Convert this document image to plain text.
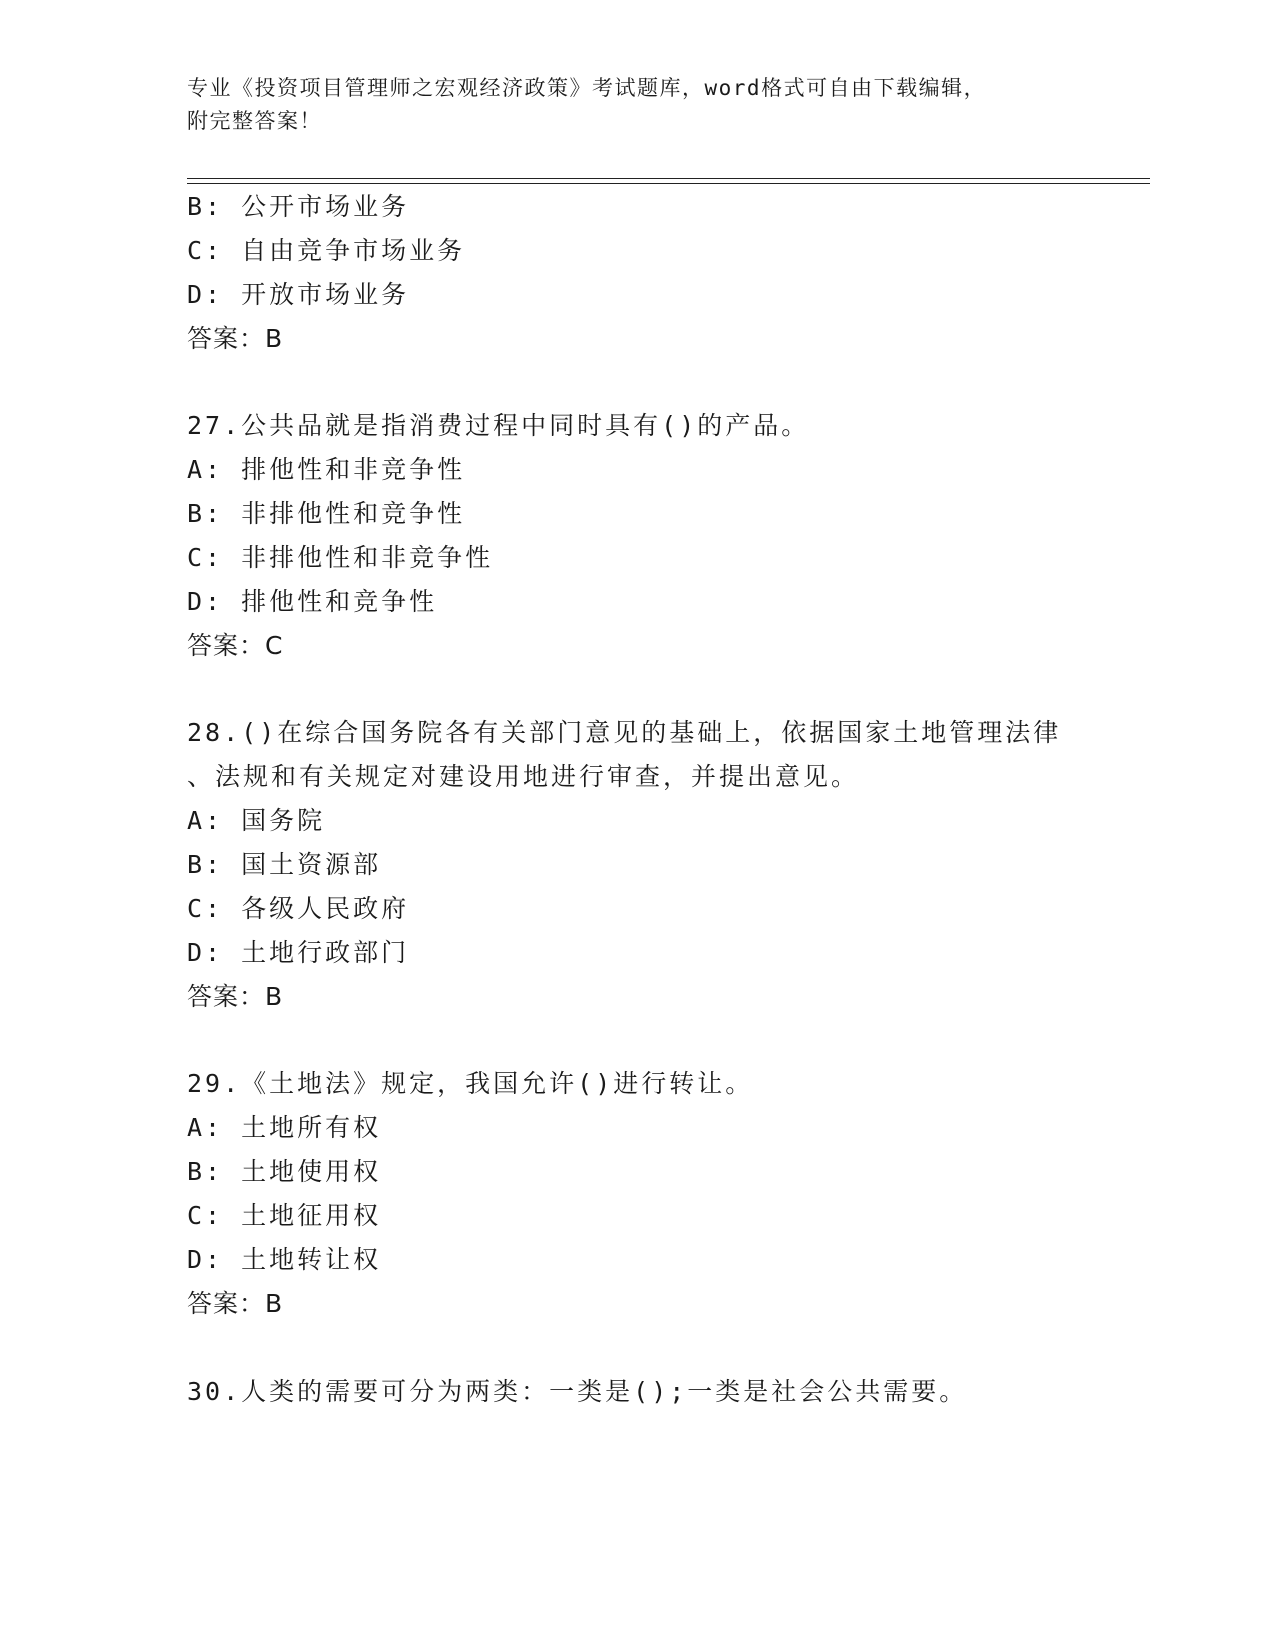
专业《投资项目管理师之宏观经济政策》考试题库，word格式可自由下载编辑，
附完整答案！
B: 公开市场业务
C: 自由竞争市场业务
D: 开放市场业务
答案：B
27.公共品就是指消费过程中同时具有()的产品。
A: 排他性和非竞争性
B: 非排他性和竞争性
C: 非排他性和非竞争性
D: 排他性和竞争性
答案：C
28.()在综合国务院各有关部门意见的基础上，依据国家土地管理法律
、法规和有关规定对建设用地进行审查，并提出意见。
A: 国务院
B: 国土资源部
C: 各级人民政府
D: 土地行政部门
答案：B
29.《土地法》规定，我国允许()进行转让。
A: 土地所有权
B: 土地使用权
C: 土地征用权
D: 土地转让权
答案：B
30.人类的需要可分为两类：一类是();一类是社会公共需要。
